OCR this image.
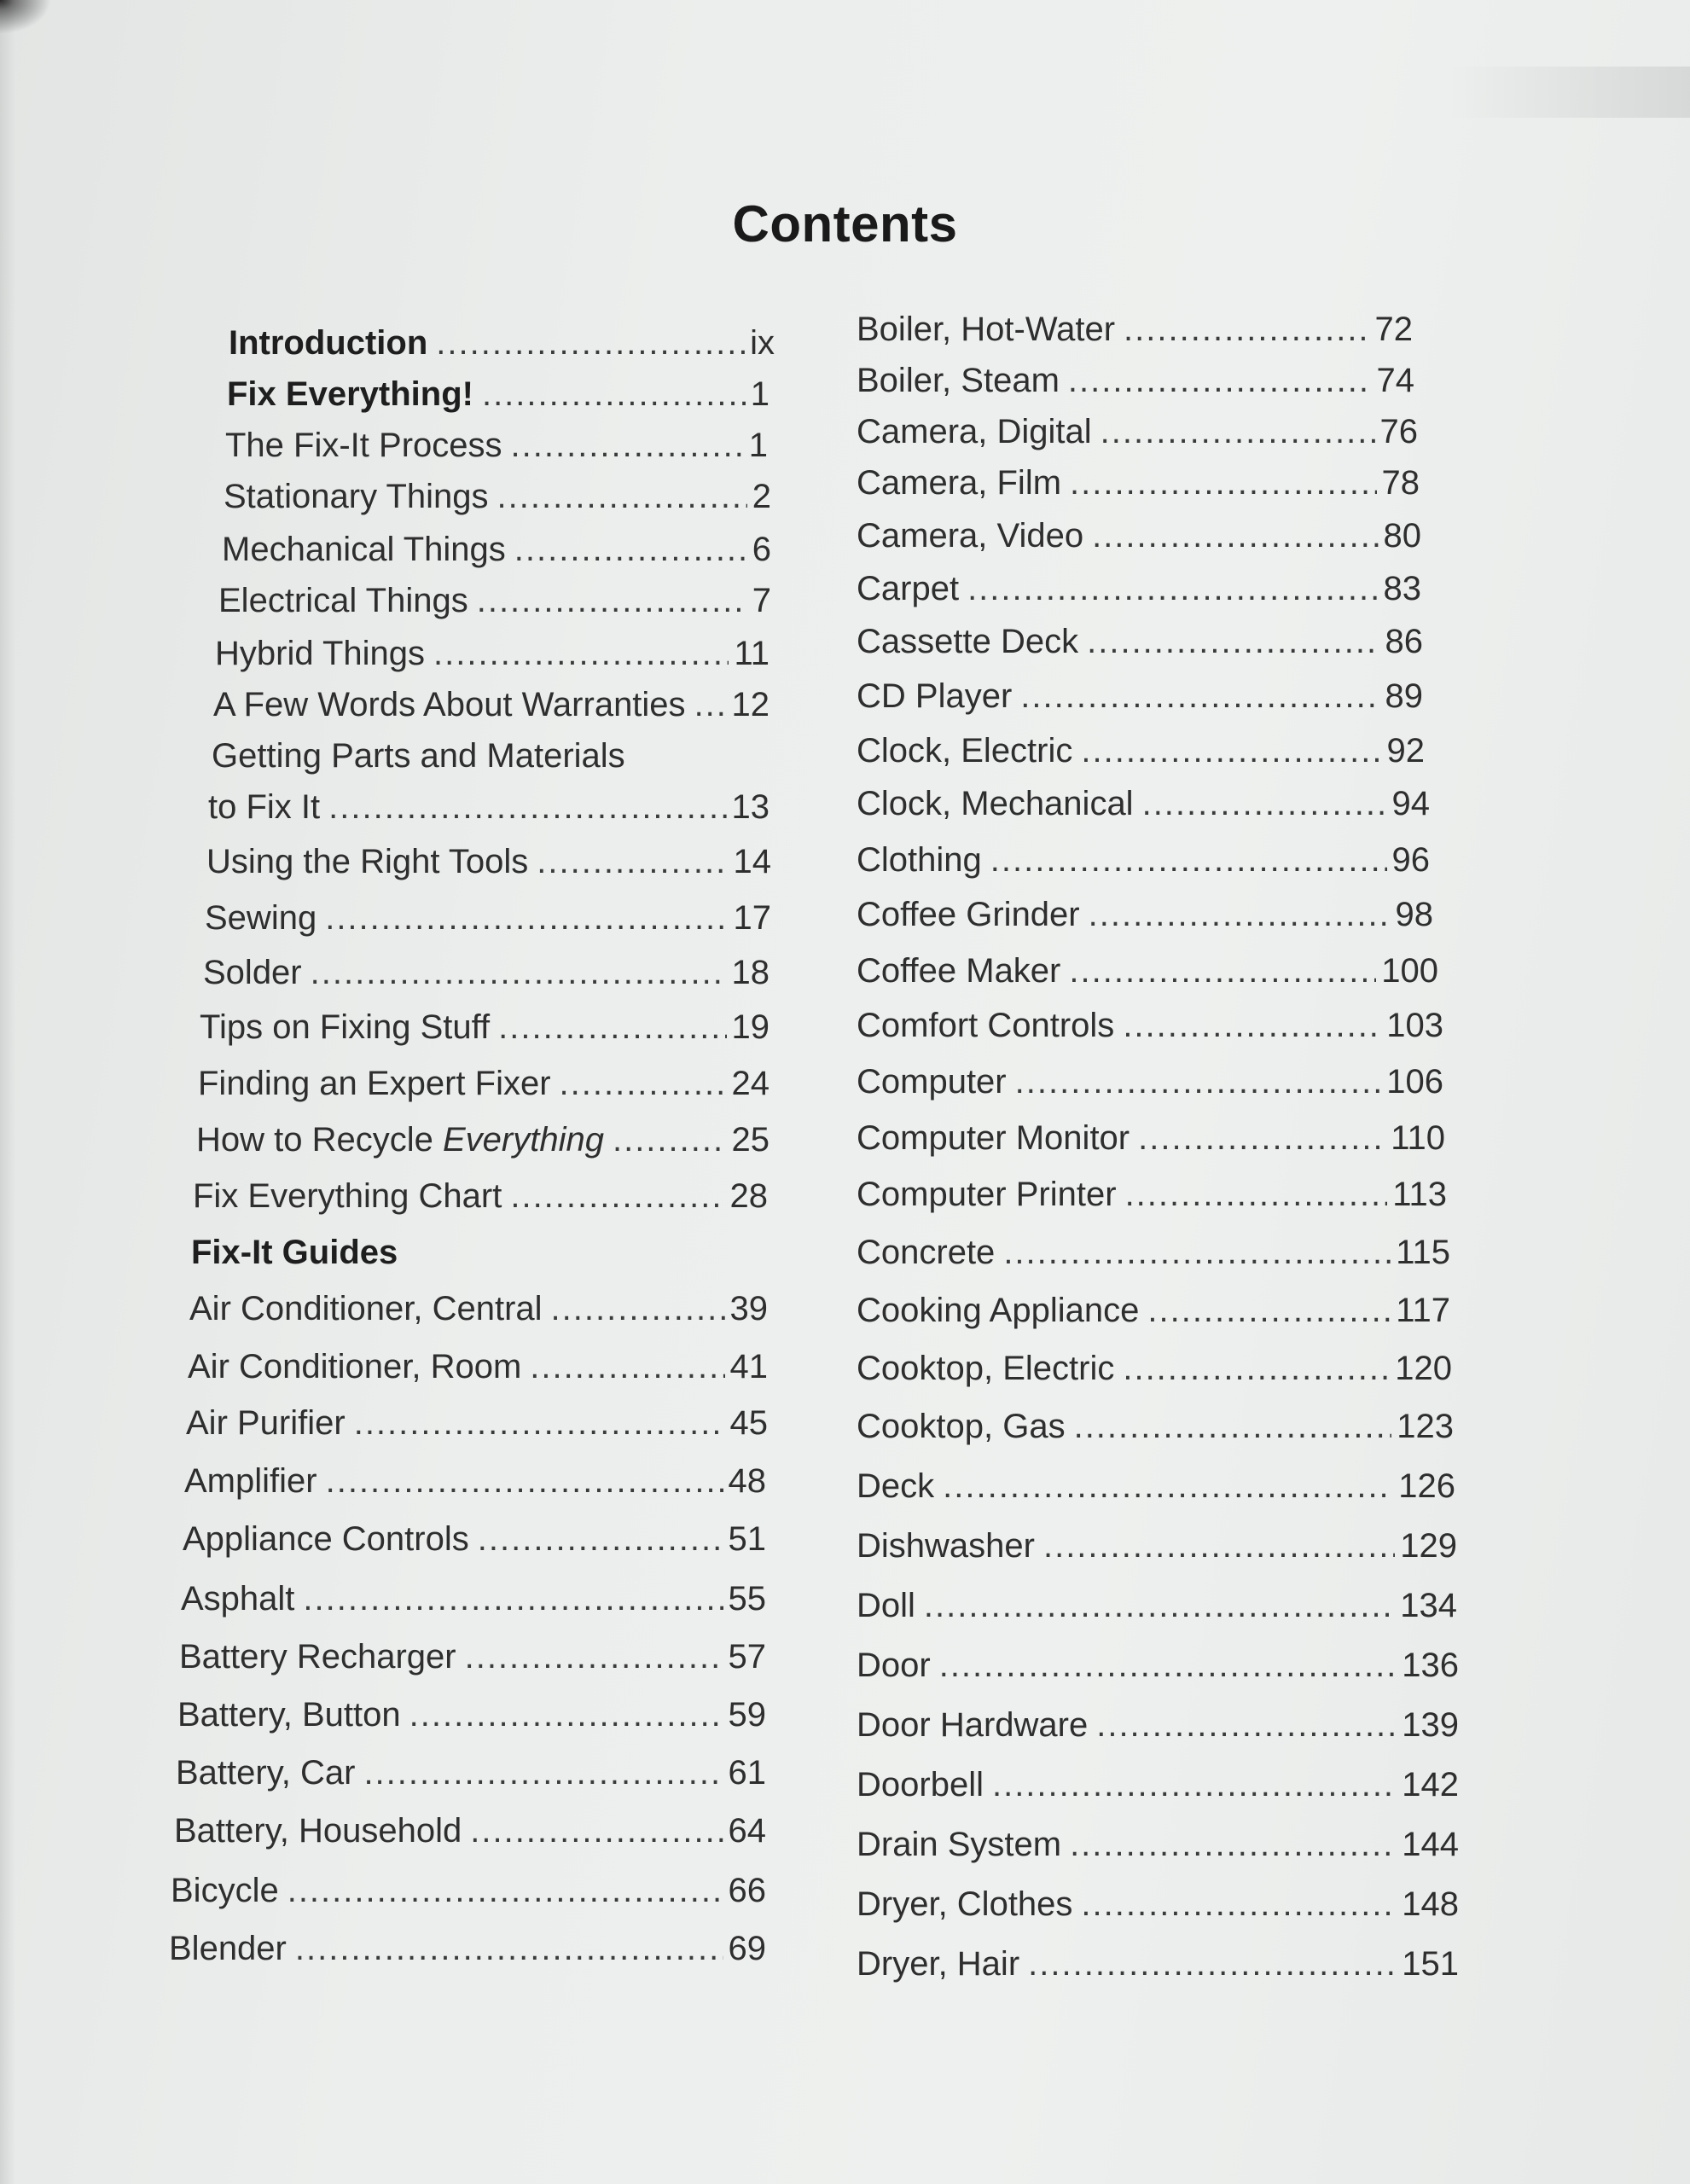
Contents
Introduction .....	ix
Fix Everything! .....	1
The Fix-It Process .....	1
Stationary Things .....	2
Mechanical Things .....	6
Electrical Things .....	7
Hybrid Things .....	11
A Few Words About Warranties ..... 12
Getting Parts and Materials
to Fix It .....	13
Using the Right Tools .....	14
Sewing .....	17
Solder .....	18
Tips on Fixing Stuff .....	19
Finding an Expert Fixer .....	24
How to Recycle Everything .....	25
Fix Everything Chart .....	28
Fix-It Guides
Air Conditioner, Central .....	39
Air Conditioner, Room .....	41
Air Purifier .....	45
Amplifier .....	48
Appliance Controls .....	51
Asphalt .....	55
Battery Recharger .....	57
Battery, Button .....	59
Battery, Car .....	61
Battery, Household .....	64
Bicycle .....	66
Blender .....	69
Boiler, Hot-Water .....	72
Boiler, Steam .....	74
Camera, Digital .....	76
Camera, Film .....	78
Camera, Video .....	80
Carpet .....	83
Cassette Deck .....	86
CD Player .....	89
Clock, Electric .....	92
Clock, Mechanical .....	94
Clothing .....	96
Coffee Grinder .....	98
Coffee Maker .....	100
Comfort Controls .....	103
Computer .....	106
Computer Monitor .....	110
Computer Printer .....	113
Concrete .....	115
Cooking Appliance .....	117
Cooktop, Electric .....	120
Cooktop, Gas .....	123
Deck .....	126
Dishwasher .....	129
Doll .....	134
Door .....	136
Door Hardware .....	139
Doorbell .....	142
Drain System .....	144
Dryer, Clothes .....	148
Dryer, Hair .....	151
